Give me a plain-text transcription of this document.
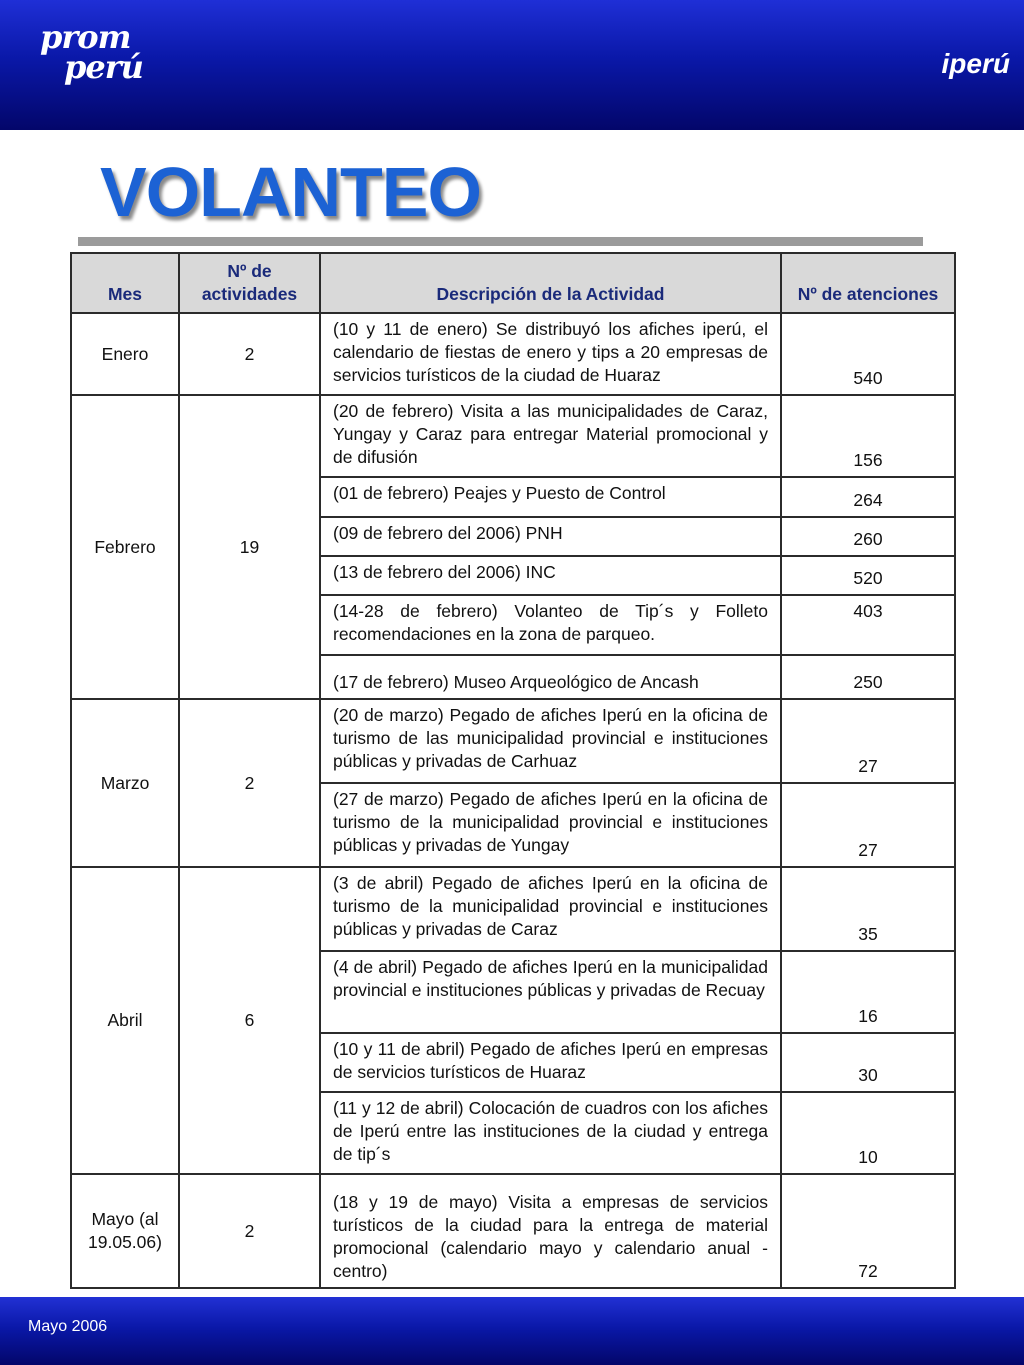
prom
perú	iperú
VOLANTEO
Mes	Nº de actividades	Descripción de la Actividad	Nº de atenciones
Enero	2	(10 y 11 de enero) Se distribuyó los afiches iperú, el calendario de fiestas de enero y tips a 20 empresas de servicios turísticos de la ciudad de Huaraz	540
Febrero	19	(20 de febrero) Visita a las municipalidades de Caraz, Yungay y Caraz para entregar Material promocional y de difusión	156
		(01 de febrero) Peajes y Puesto de Control	264
		(09 de febrero del 2006) PNH	260
		(13 de febrero del 2006) INC	520
		(14-28 de febrero) Volanteo de Tip´s y Folleto recomendaciones en la zona de parqueo.	403
		(17 de febrero) Museo Arqueológico de Ancash	250
Marzo	2	(20 de marzo) Pegado de afiches Iperú en la oficina de turismo de las municipalidad provincial e instituciones públicas y privadas de Carhuaz	27
		(27 de marzo) Pegado de afiches Iperú en la oficina de turismo de la municipalidad provincial e instituciones públicas y privadas de Yungay	27
Abril	6	(3 de abril) Pegado de afiches Iperú en la oficina de turismo de la municipalidad provincial e instituciones públicas y privadas de Caraz	35
		(4 de abril) Pegado de afiches Iperú en la municipalidad provincial e instituciones públicas y privadas de Recuay	16
		(10 y 11 de abril) Pegado de afiches Iperú en empresas de servicios turísticos de Huaraz	30
		(11 y 12 de abril) Colocación de cuadros con los afiches de Iperú entre las instituciones de la ciudad y entrega de tip´s	10
Mayo (al 19.05.06)	2	(18 y 19 de mayo) Visita a empresas de servicios turísticos de la ciudad para la entrega de material promocional (calendario mayo y calendario anual - centro)	72
Mayo 2006
